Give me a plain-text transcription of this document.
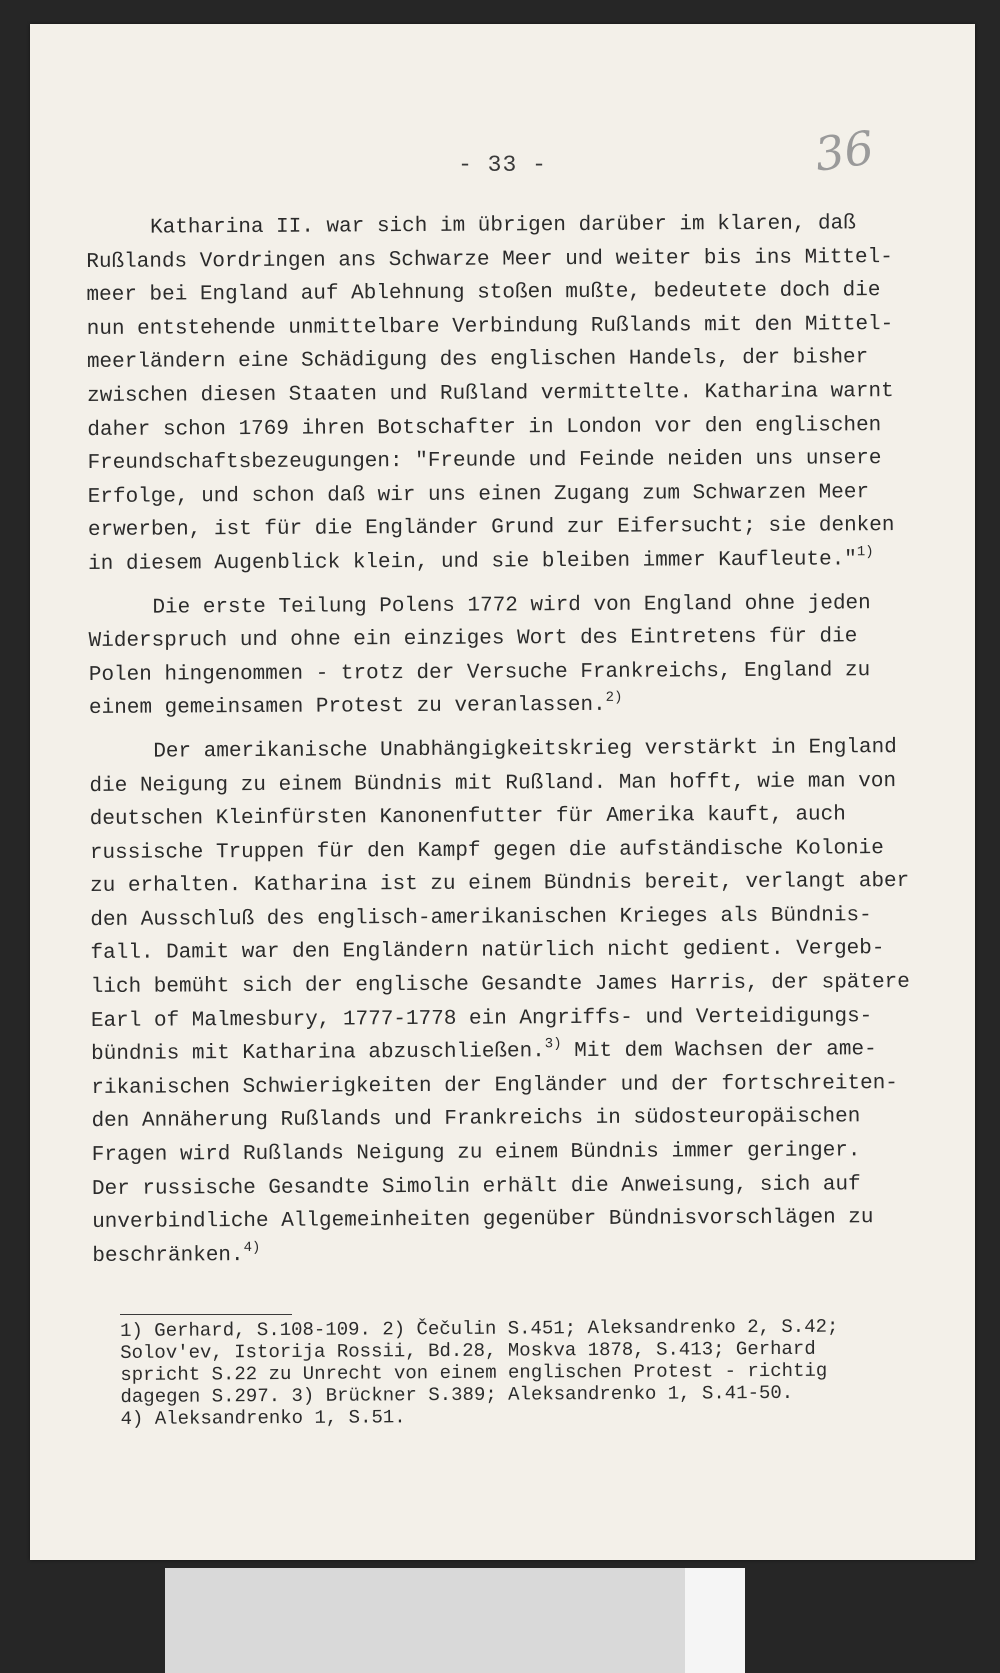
- 33 -	36

Katharina II. war sich im übrigen darüber im klaren, daß
Rußlands Vordringen ans Schwarze Meer und weiter bis ins Mittel-
meer bei England auf Ablehnung stoßen mußte, bedeutete doch die
nun entstehende unmittelbare Verbindung Rußlands mit den Mittel-
meerländern eine Schädigung des englischen Handels, der bisher
zwischen diesen Staaten und Rußland vermittelte. Katharina warnt
daher schon 1769 ihren Botschafter in London vor den englischen
Freundschaftsbezeugungen: "Freunde und Feinde neiden uns unsere
Erfolge, und schon daß wir uns einen Zugang zum Schwarzen Meer
erwerben, ist für die Engländer Grund zur Eifersucht; sie denken
in diesem Augenblick klein, und sie bleiben immer Kaufleute."$^{1)}$

Die erste Teilung Polens 1772 wird von England ohne jeden
Widerspruch und ohne ein einziges Wort des Eintretens für die
Polen hingenommen - trotz der Versuche Frankreichs, England zu
einem gemeinsamen Protest zu veranlassen.$^{2)}$

Der amerikanische Unabhängigkeitskrieg verstärkt in England
die Neigung zu einem Bündnis mit Rußland. Man hofft, wie man von
deutschen Kleinfürsten Kanonenfutter für Amerika kauft, auch
russische Truppen für den Kampf gegen die aufständische Kolonie
zu erhalten. Katharina ist zu einem Bündnis bereit, verlangt aber
den Ausschluß des englisch-amerikanischen Krieges als Bündnis-
fall. Damit war den Engländern natürlich nicht gedient. Vergeb-
lich bemüht sich der englische Gesandte James Harris, der spätere
Earl of Malmesbury, 1777-1778 ein Angriffs- und Verteidigungs-
bündnis mit Katharina abzuschließen.$^{3)}$ Mit dem Wachsen der ame-
rikanischen Schwierigkeiten der Engländer und der fortschreiten-
den Annäherung Rußlands und Frankreichs in südosteuropäischen
Fragen wird Rußlands Neigung zu einem Bündnis immer geringer.
Der russische Gesandte Simolin erhält die Anweisung, sich auf
unverbindliche Allgemeinheiten gegenüber Bündnisvorschlägen zu
beschränken.$^{4)}$

1) Gerhard, S.108-109. 2) Čečulin S.451; Aleksandrenko 2, S.42;
Solov'ev, Istorija Rossii, Bd.28, Moskva 1878, S.413; Gerhard
spricht S.22 zu Unrecht von einem englischen Protest - richtig
dagegen S.297. 3) Brückner S.389; Aleksandrenko 1, S.41-50.
4) Aleksandrenko 1, S.51.
